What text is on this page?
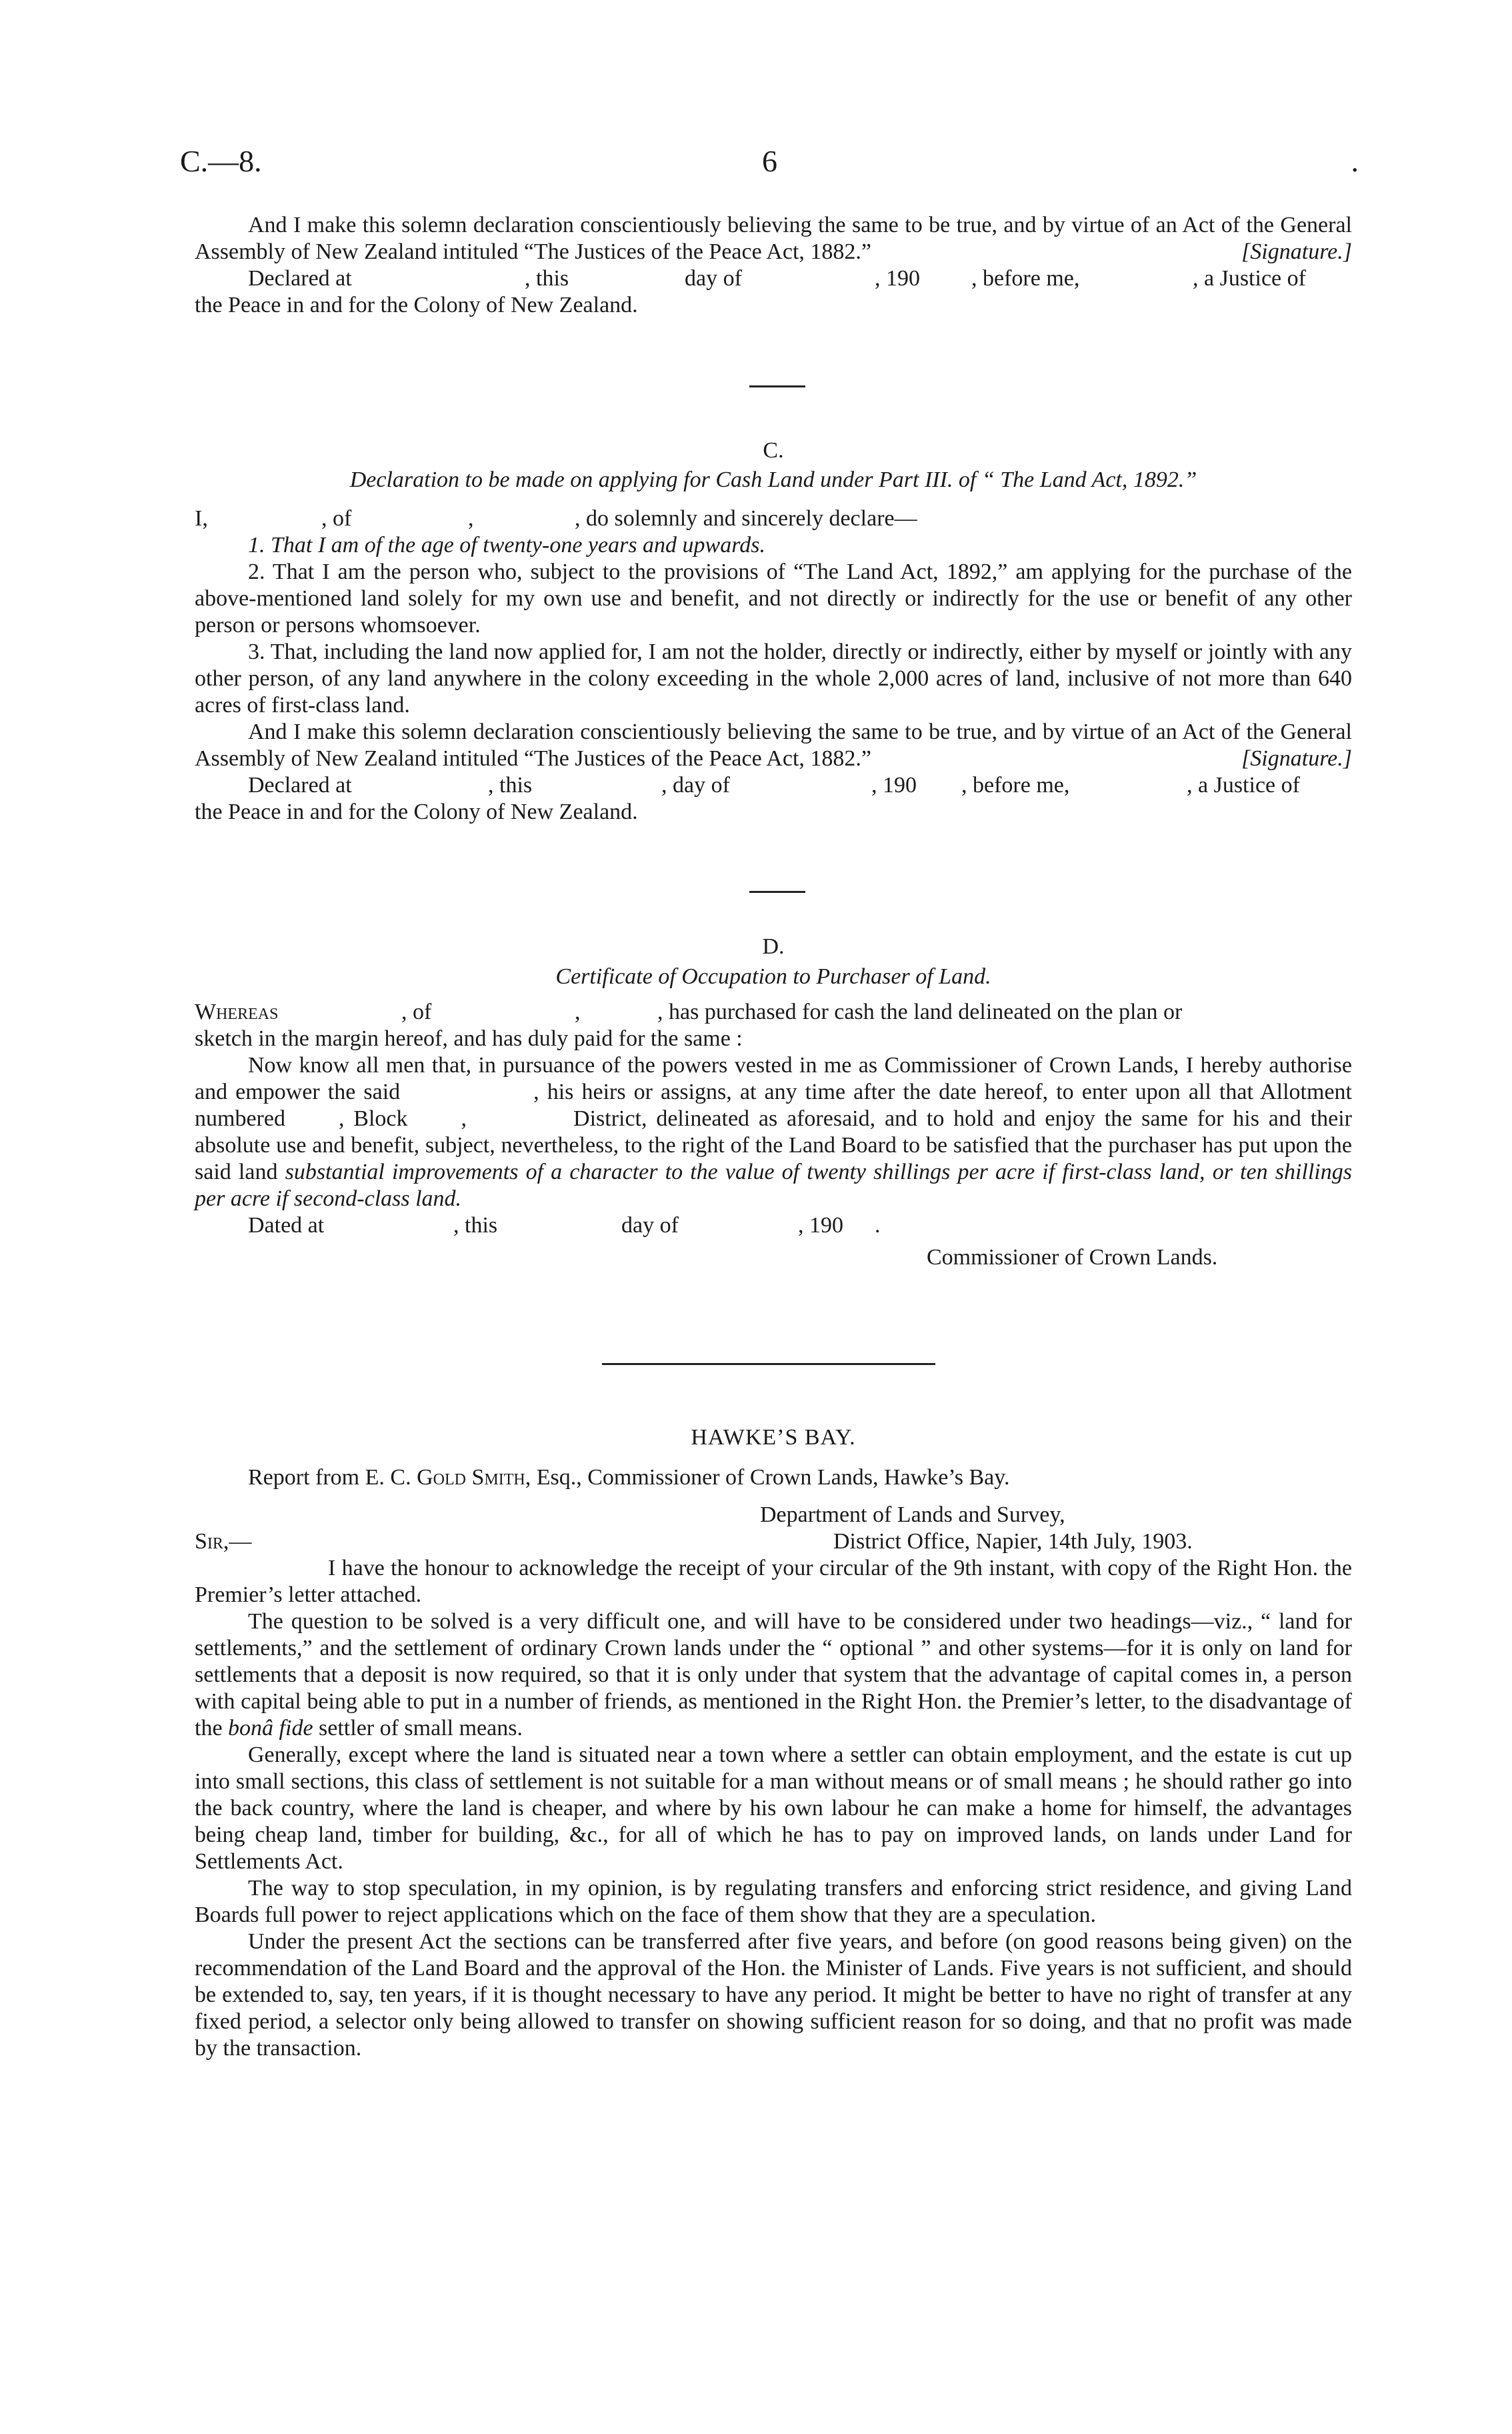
C.—8.	6	.

And I make this solemn declaration conscientiously believing the same to be true, and by virtue of an Act of the General Assembly of New Zealand intituled “The Justices of the Peace Act, 1882.”	[Signature.]

Declared at	, this	day of	, 190 , before me,	, a Justice of

the Peace in and for the Colony of New Zealand.

C.
Declaration to be made on applying for Cash Land under Part III. of “ The Land Act, 1892.”
I,	, of	,	, do solemnly and sincerely declare—

1. That I am of the age of twenty-one years and upwards.

2. That I am the person who, subject to the provisions of “The Land Act, 1892,” am applying for the purchase of the above-mentioned land solely for my own use and benefit, and not directly or indirectly for the use or benefit of any other person or persons whomsoever.

3. That, including the land now applied for, I am not the holder, directly or indirectly, either by myself or jointly with any other person, of any land anywhere in the colony exceeding in the whole 2,000 acres of land, inclusive of not more than 640 acres of first-class land.

And I make this solemn declaration conscientiously believing the same to be true, and by virtue of an Act of the General Assembly of New Zealand intituled “The Justices of the Peace Act, 1882.”	[Signature.]

Declared at	, this	, day of	, 190 , before me,	, a Justice of

the Peace in and for the Colony of New Zealand.

D.
Certificate of Occupation to Purchaser of Land.
Whereas	, of	,	, has purchased for cash the land delineated on the plan or

sketch in the margin hereof, and has duly paid for the same :

Now know all men that, in pursuance of the powers vested in me as Commissioner of Crown Lands, I hereby authorise and empower the said	, his heirs or assigns, at any time after the date hereof, to enter upon all that Allotment numbered , Block ,	District, delineated as aforesaid, and to hold and enjoy the same for his and their absolute use and benefit, subject, nevertheless, to the right of the Land Board to be satisfied that the purchaser has put upon the said land substantial improvements of a character to the value of twenty shillings per acre if first-class land, or ten shillings per acre if second-class land.

Dated at	, this	day of	, 190 .

Commissioner of Crown Lands.

HAWKE’S BAY.

Report from E. C. Gold Smith, Esq., Commissioner of Crown Lands, Hawke’s Bay.

Department of Lands and Survey,

Sir,—	District Office, Napier, 14th July, 1903.

I have the honour to acknowledge the receipt of your circular of the 9th instant, with copy of the Right Hon. the Premier’s letter attached.

The question to be solved is a very difficult one, and will have to be considered under two headings—viz., “ land for settlements,” and the settlement of ordinary Crown lands under the “ optional ” and other systems—for it is only on land for settlements that a deposit is now required, so that it is only under that system that the advantage of capital comes in, a person with capital being able to put in a number of friends, as mentioned in the Right Hon. the Premier’s letter, to the disadvantage of the bonâ fide settler of small means.

Generally, except where the land is situated near a town where a settler can obtain employment, and the estate is cut up into small sections, this class of settlement is not suitable for a man without means or of small means ; he should rather go into the back country, where the land is cheaper, and where by his own labour he can make a home for himself, the advantages being cheap land, timber for building, &c., for all of which he has to pay on improved lands, on lands under Land for Settlements Act.

The way to stop speculation, in my opinion, is by regulating transfers and enforcing strict residence, and giving Land Boards full power to reject applications which on the face of them show that they are a speculation.

Under the present Act the sections can be transferred after five years, and before (on good reasons being given) on the recommendation of the Land Board and the approval of the Hon. the Minister of Lands. Five years is not sufficient, and should be extended to, say, ten years, if it is thought necessary to have any period. It might be better to have no right of transfer at any fixed period, a selector only being allowed to transfer on showing sufficient reason for so doing, and that no profit was made by the transaction.
